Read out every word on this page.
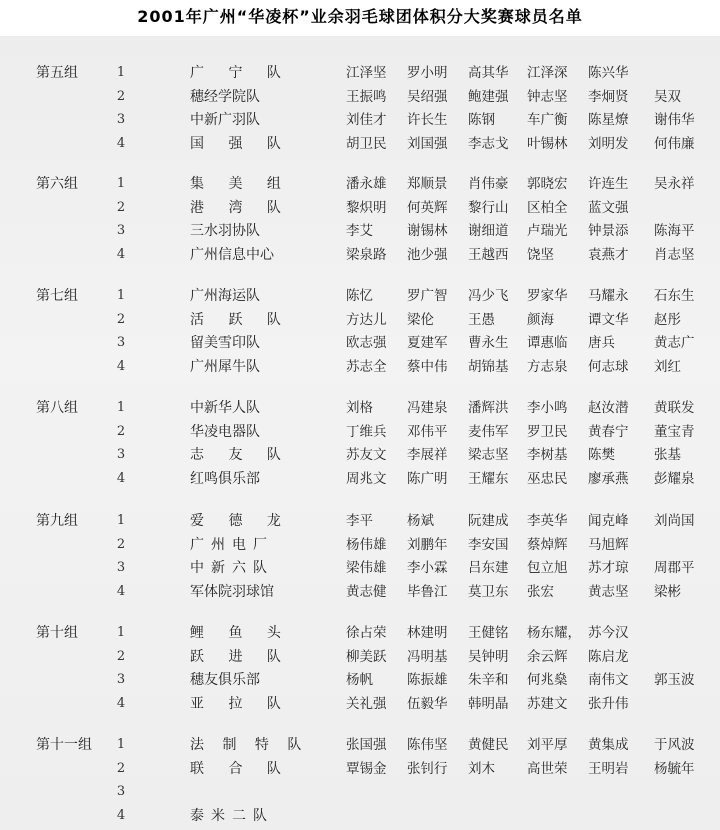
2001年广州“华凌杯”业余羽毛球团体积分大奖赛球员名单
第五组	1	广 宁 队	江泽坚 罗小明 高其华 江泽深 陈兴华
2	穗经学院队	王振鸣 吴绍强 鲍建强 钟志坚 李炯贤 吴双
3	中新广羽队	刘佳才 许长生 陈钢 车广衡 陈星燎 谢伟华
4	国 强 队	胡卫民 刘国强 李志戈 叶锡林 刘明发 何伟廉
第六组	1	集 美 组	潘永雄 郑顺景 肖伟豪 郭晓宏 许连生 吴永祥
2	港 湾 队	黎炽明 何英辉 黎行山 区柏全 蓝文强
3	三水羽协队	李艾	谢锡林 谢细道 卢瑞光 钟景添 陈海平
4	广州信息中心	梁泉路 池少强 王越西 饶坚	袁燕才 肖志坚
第七组	1	广州海运队	陈忆	罗广智 冯少飞 罗家华 马耀永 石东生
2	活 跃 队	方达儿 梁伦	王愚 颜海	谭文华 赵彤
3	留美雪印队	欧志强 夏建军 曹永生 谭惠临 唐兵	黄志广
4	广州犀牛队	苏志全 蔡中伟 胡锦基 方志泉 何志球 刘红
第八组	1	中新华人队	刘格	冯建泉 潘辉洪 李小鸣 赵汝潜 黄联发
2	华凌电器队	丁维兵 邓伟平 麦伟军 罗卫民 黄春宁 董宝青
3	志 友 队	苏友文 李展祥 梁志坚 李树基 陈樊	张基
4	红鸣俱乐部	周兆文 陈广明 王耀东 巫忠民 廖承燕 彭耀泉
第九组	1	爱 德 龙	李平	杨斌	阮建成 李英华 闻克峰 刘尚国
2	广州电厂	杨伟雄 刘鹏年 李安国 蔡焯辉 马旭辉
3	中新六队	梁伟雄 李小霖 吕东建 包立旭 苏才琼 周郡平
4	军体院羽球馆	黄志健 毕鲁江 莫卫东 张宏	黄志坚 梁彬
第十组	1	鲤 鱼 头	徐占荣 林建明 王健铭 杨东耀， 苏今汉
2	跃 进 队	柳美跃 冯明基 吴钟明 余云辉 陈启龙
3	穗友俱乐部	杨帆	陈振雄 朱辛和 何兆燊 南伟文 郭玉波
4	亚 拉 队	关礼强 伍毅华 韩明晶 苏建文 张升伟
第十一组 1	法 制 特 队	张国强 陈伟坚 黄健民 刘平厚 黄集成 于风波
2	联 合 队	覃锡金 张钊行 刘木 高世荣 王明岩 杨毓年
3
4	泰米二队
